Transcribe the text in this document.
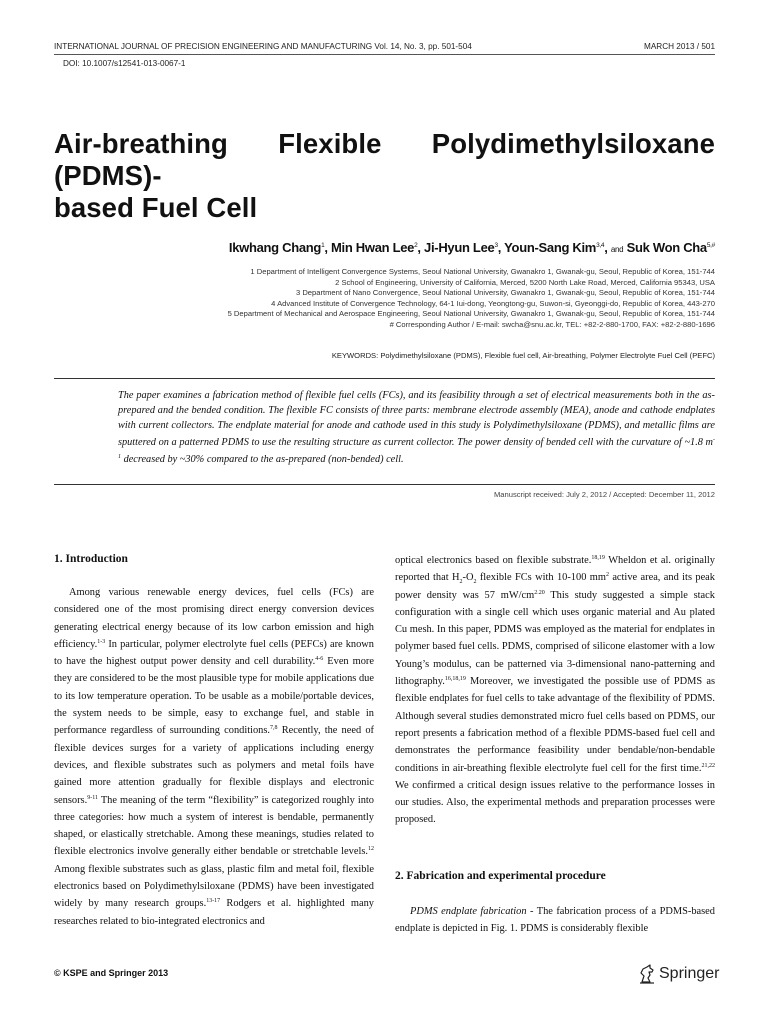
INTERNATIONAL JOURNAL OF PRECISION ENGINEERING AND MANUFACTURING Vol. 14, No. 3, pp. 501-504	MARCH 2013 / 501
DOI: 10.1007/s12541-013-0067-1
Air-breathing Flexible Polydimethylsiloxane (PDMS)-
based Fuel Cell
Ikwhang Chang$^1$, Min Hwan Lee$^2$, Ji-Hyun Lee$^3$, Youn-Sang Kim$^{3,4}$, and Suk Won Cha$^{5,\#}$
1 Department of Intelligent Convergence Systems, Seoul National University, Gwanakro 1, Gwanak-gu, Seoul, Republic of Korea, 151-744
2 School of Engineering, University of California, Merced, 5200 North Lake Road, Merced, California 95343, USA
3 Department of Nano Convergence, Seoul National University, Gwanakro 1, Gwanak-gu, Seoul, Republic of Korea, 151-744
4 Advanced Institute of Convergence Technology, 64-1 Iui-dong, Yeongtong-gu, Suwon-si, Gyeonggi-do, Republic of Korea, 443-270
5 Department of Mechanical and Aerospace Engineering, Seoul National University, Gwanakro 1, Gwanak-gu, Seoul, Republic of Korea, 151-744
# Corresponding Author / E-mail: swcha@snu.ac.kr, TEL: +82-2-880-1700, FAX: +82-2-880-1696
KEYWORDS: Polydimethylsiloxane (PDMS), Flexible fuel cell, Air-breathing, Polymer Electrolyte Fuel Cell (PEFC)
The paper examines a fabrication method of flexible fuel cells (FCs), and its feasibility through a set of electrical measurements both in the as-prepared and the bended condition. The flexible FC consists of three parts: membrane electrode assembly (MEA), anode and cathode endplates with current collectors. The endplate material for anode and cathode used in this study is Polydimethylsiloxane (PDMS), and metallic films are sputtered on a patterned PDMS to use the resulting structure as current collector. The power density of bended cell with the curvature of ~1.8 $m^{-1}$ decreased by ~30% compared to the as-prepared (non-bended) cell.
Manuscript received: July 2, 2012 / Accepted: December 11, 2012
1. Introduction

Among various renewable energy devices, fuel cells (FCs) are considered one of the most promising direct energy conversion devices generating electrical energy because of its low carbon emission and high efficiency.$^{1-3}$ In particular, polymer electrolyte fuel cells (PEFCs) are known to have the highest output power density and cell durability.$^{4-6}$ Even more they are considered to be the most plausible type for mobile applications due to its low temperature operation. To be usable as a mobile/portable devices, the system needs to be simple, easy to exchange fuel, and stable in performance regardless of surrounding conditions.$^{7,8}$ Recently, the need of flexible devices surges for a variety of applications including energy devices, and flexible substrates such as polymers and metal foils have gained more attention gradually for flexible displays and electronic sensors.$^{9-11}$ The meaning of the term “flexibility” is categorized roughly into three categories: how much a system of interest is bendable, permanently shaped, or elastically stretchable. Among these meanings, studies related to flexible electronics involve generally either bendable or stretchable levels.$^{12}$ Among flexible substrates such as glass, plastic film and metal foil, flexible electronics based on Polydimethylsiloxane (PDMS) have been investigated widely by many research groups.$^{13-17}$ Rodgers et al. highlighted many researches related to bio-integrated electronics and

optical electronics based on flexible substrate.$^{18,19}$ Wheldon et al. originally reported that $H_2-O_2$ flexible FCs with 10-100 $mm^2$ active area, and its peak power density was 57 $mW/cm^{2.20}$ This study suggested a simple stack configuration with a single cell which uses organic material and Au plated Cu mesh. In this paper, PDMS was employed as the material for endplates in polymer based fuel cells. PDMS, comprised of silicone elastomer with a low Young’s modulus, can be patterned via 3-dimensional nano-patterning and lithography.$^{16,18,19}$ Moreover, we investigated the possible use of PDMS as flexible endplates for fuel cells to take advantage of the flexibility of PDMS. Although several studies demonstrated micro fuel cells based on PDMS, our report presents a fabrication method of a flexible PDMS-based fuel cell and demonstrates the performance feasibility under bendable/non-bendable conditions in air-breathing flexible electrolyte fuel cell for the first time.$^{21,22}$ We confirmed a critical design issues relative to the performance losses in our studies. Also, the experimental methods and preparation processes were proposed.

2. Fabrication and experimental procedure

PDMS endplate fabrication - The fabrication process of a PDMS-based endplate is depicted in Fig. 1. PDMS is considerably flexible

© KSPE and Springer 2013	Springer
